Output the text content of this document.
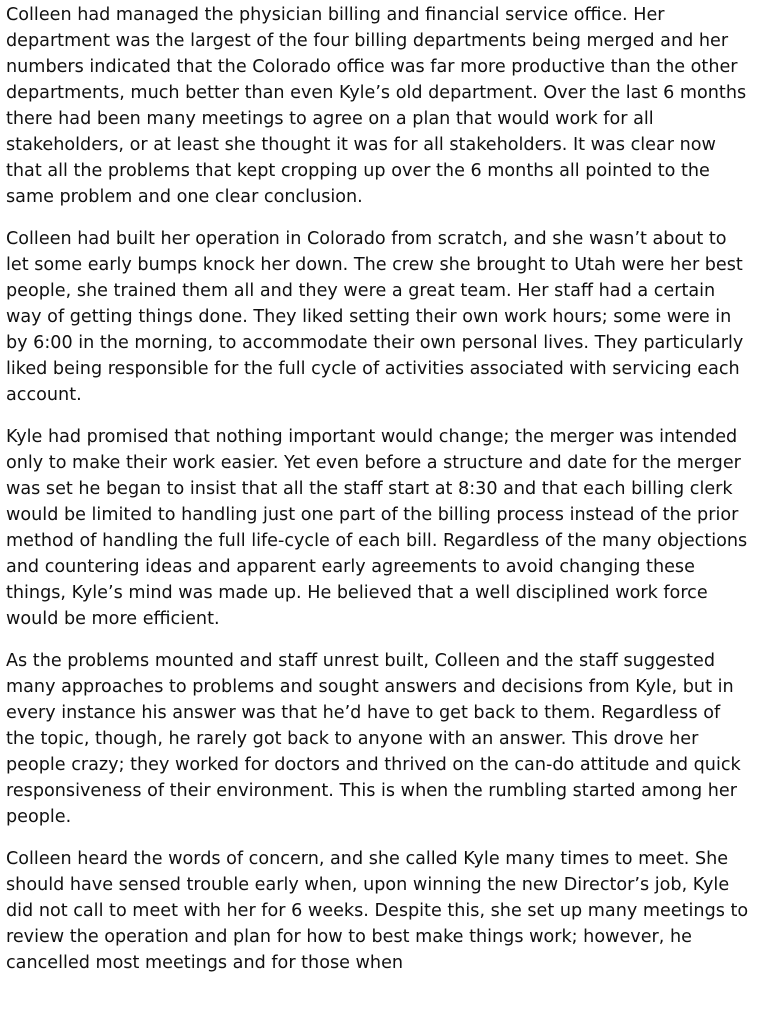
Colleen had managed the physician billing and financial service office. Her department was the largest of the four billing departments being merged and her numbers indicated that the Colorado office was far more productive than the other departments, much better than even Kyle’s old department. Over the last 6 months there had been many meetings to agree on a plan that would work for all stakeholders, or at least she thought it was for all stakeholders. It was clear now that all the problems that kept cropping up over the 6 months all pointed to the same problem and one clear conclusion.

Colleen had built her operation in Colorado from scratch, and she wasn’t about to let some early bumps knock her down. The crew she brought to Utah were her best people, she trained them all and they were a great team. Her staff had a certain way of getting things done. They liked setting their own work hours; some were in by 6:00 in the morning, to accommodate their own personal lives. They particularly liked being responsible for the full cycle of activities associated with servicing each account.

Kyle had promised that nothing important would change; the merger was intended only to make their work easier. Yet even before a structure and date for the merger was set he began to insist that all the staff start at 8:30 and that each billing clerk would be limited to handling just one part of the billing process instead of the prior method of handling the full life-cycle of each bill. Regardless of the many objections and countering ideas and apparent early agreements to avoid changing these things, Kyle’s mind was made up. He believed that a well disciplined work force would be more efficient.

As the problems mounted and staff unrest built, Colleen and the staff suggested many approaches to problems and sought answers and decisions from Kyle, but in every instance his answer was that he’d have to get back to them. Regardless of the topic, though, he rarely got back to anyone with an answer. This drove her people crazy; they worked for doctors and thrived on the can-do attitude and quick responsiveness of their environment. This is when the rumbling started among her people.

Colleen heard the words of concern, and she called Kyle many times to meet. She should have sensed trouble early when, upon winning the new Director’s job, Kyle did not call to meet with her for 6 weeks. Despite this, she set up many meetings to review the operation and plan for how to best make things work; however, he cancelled most meetings and for those when
